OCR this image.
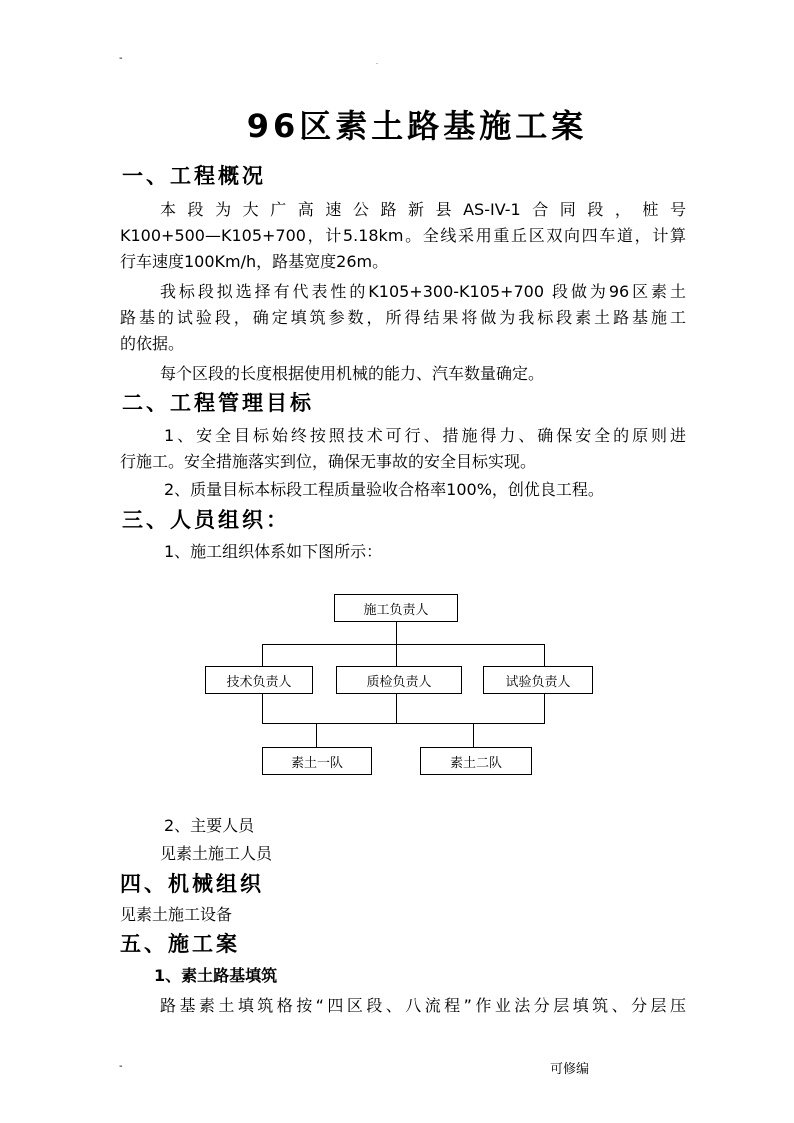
-	.
96区素土路基施工案
一、工程概况
本段为大广高速公路新县AS-IV-1合同段，桩号
K100+500—K105+700，计5.18km。全线采用重丘区双向四车道，计算
行车速度100Km/h，路基宽度26m。
我标段拟选择有代表性的K105+300-K105+700 段做为96区素土
路基的试验段，确定填筑参数，所得结果将做为我标段素土路基施工
的依据。
每个区段的长度根据使用机械的能力、汽车数量确定。
二、工程管理目标
1、安全目标始终按照技术可行、措施得力、确保安全的原则进
行施工。安全措施落实到位，确保无事故的安全目标实现。
2、质量目标本标段工程质量验收合格率100%，创优良工程。
三、人员组织：
1、施工组织体系如下图所示：
施工负责人
技术负责人	质检负责人	试验负责人
素土一队	素土二队
2、主要人员
见素土施工人员
四、机械组织
见素土施工设备
五、施工案
1、素土路基填筑
路基素土填筑格按“四区段、八流程”作业法分层填筑、分层压
-	可修编
